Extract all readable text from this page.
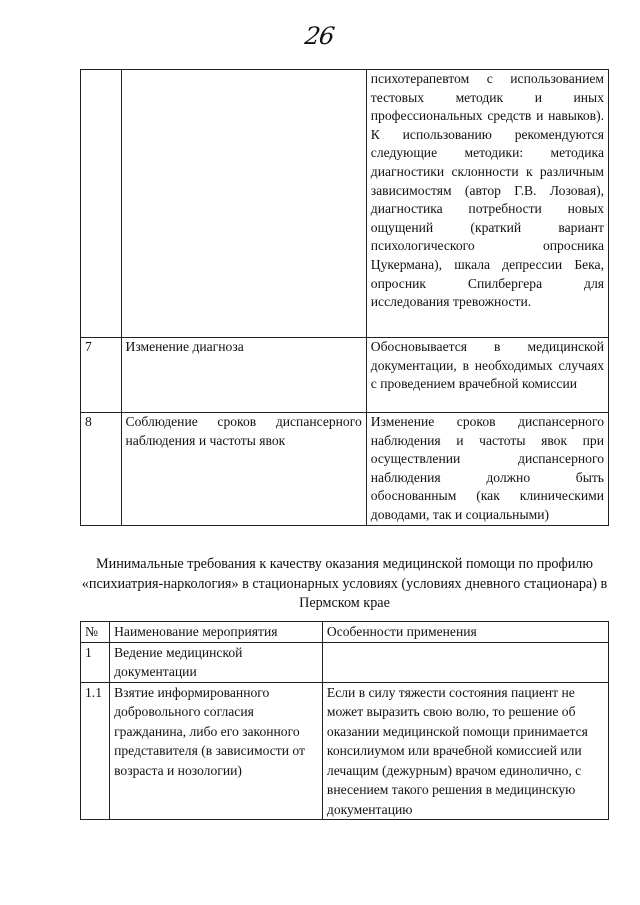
26
		психотерапевтом с использованием тестовых методик и иных профессиональных средств и навыков). К использованию рекомендуются следующие методики: методика диагностики склонности к различным зависимостям (автор Г.В. Лозовая), диагностика потребности новых ощущений (краткий вариант психологического опросника Цукермана), шкала депрессии Бека, опросник Спилбергера для исследования тревожности.
7	Изменение диагноза	Обосновывается в медицинской документации, в необходимых случаях с проведением врачебной комиссии
8	Соблюдение сроков диспансерного наблюдения и частоты явок	Изменение сроков диспансерного наблюдения и частоты явок при осуществлении диспансерного наблюдения должно быть обоснованным (как клиническими доводами, так и социальными)
Минимальные требования к качеству оказания медицинской помощи по профилю «психиатрия-наркология» в стационарных условиях (условиях дневного стационара) в Пермском крае
№	Наименование мероприятия	Особенности применения
1	Ведение медицинской документации	
1.1	Взятие информированного добровольного согласия гражданина, либо его законного представителя (в зависимости от возраста и нозологии)	Если в силу тяжести состояния пациент не может выразить свою волю, то решение об оказании медицинской помощи принимается консилиумом или врачебной комиссией или лечащим (дежурным) врачом единолично, с внесением такого решения в медицинскую документацию
